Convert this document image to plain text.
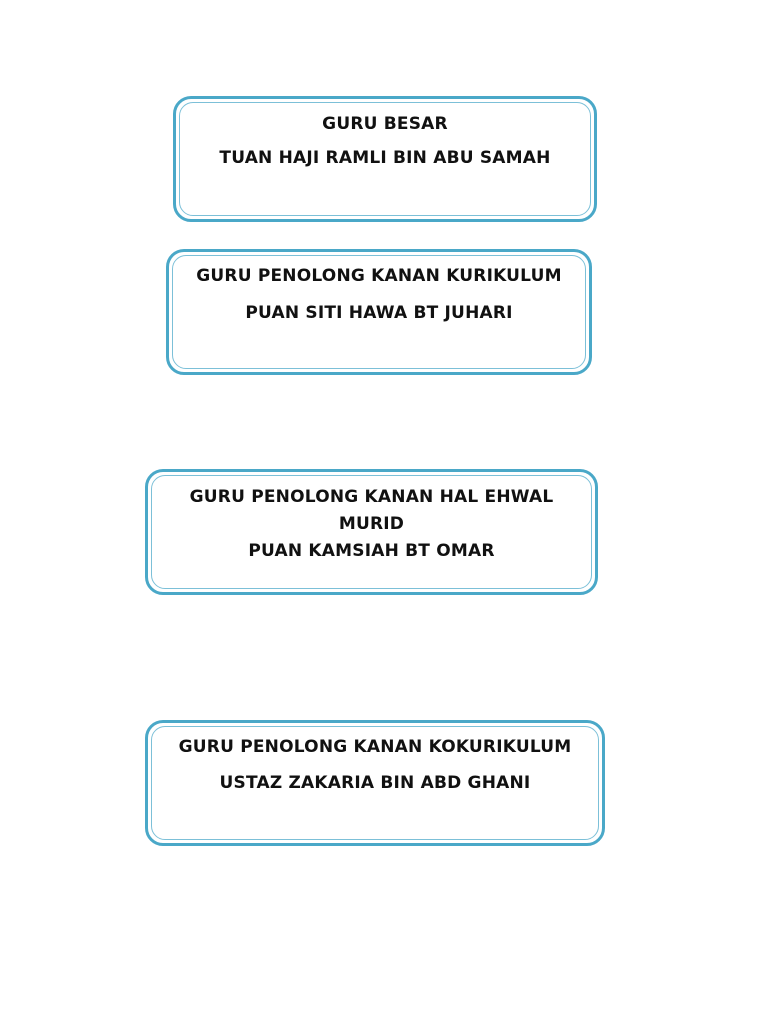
GURU BESAR
TUAN HAJI RAMLI BIN ABU SAMAH
GURU PENOLONG KANAN KURIKULUM
PUAN SITI HAWA BT JUHARI
GURU PENOLONG KANAN HAL EHWAL
MURID
PUAN KAMSIAH BT OMAR
GURU PENOLONG KANAN KOKURIKULUM
USTAZ ZAKARIA BIN ABD GHANI
